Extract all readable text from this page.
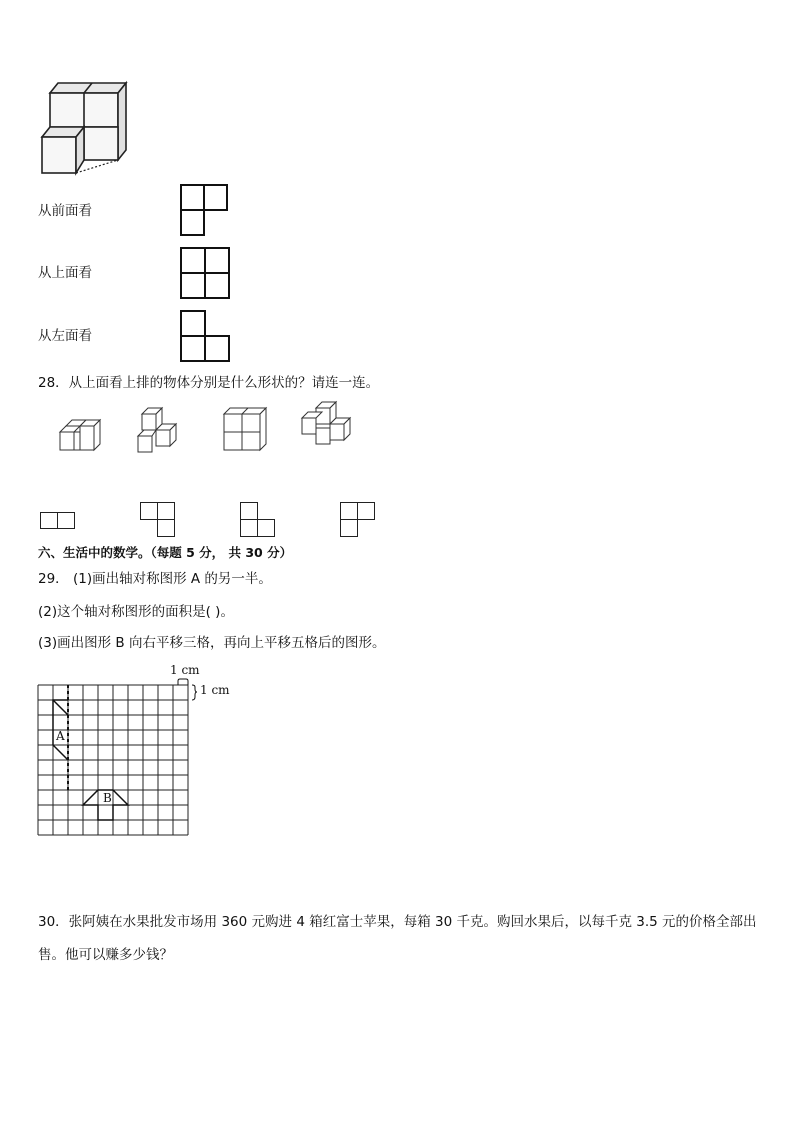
从前面看
从上面看
从左面看
28．从上面看上排的物体分别是什么形状的？请连一连。
六、生活中的数学。（每题 5 分， 共 30 分）
29． (1)画出轴对称图形 A 的另一半。
(2)这个轴对称图形的面积是( )。
(3)画出图形 B 向右平移三格，再向上平移五格后的图形。
1 cm
1 cm
A
B
30．张阿姨在水果批发市场用 360 元购进 4 箱红富士苹果，每箱 30 千克。购回水果后，以每千克 3.5 元的价格全部出
售。他可以赚多少钱？
